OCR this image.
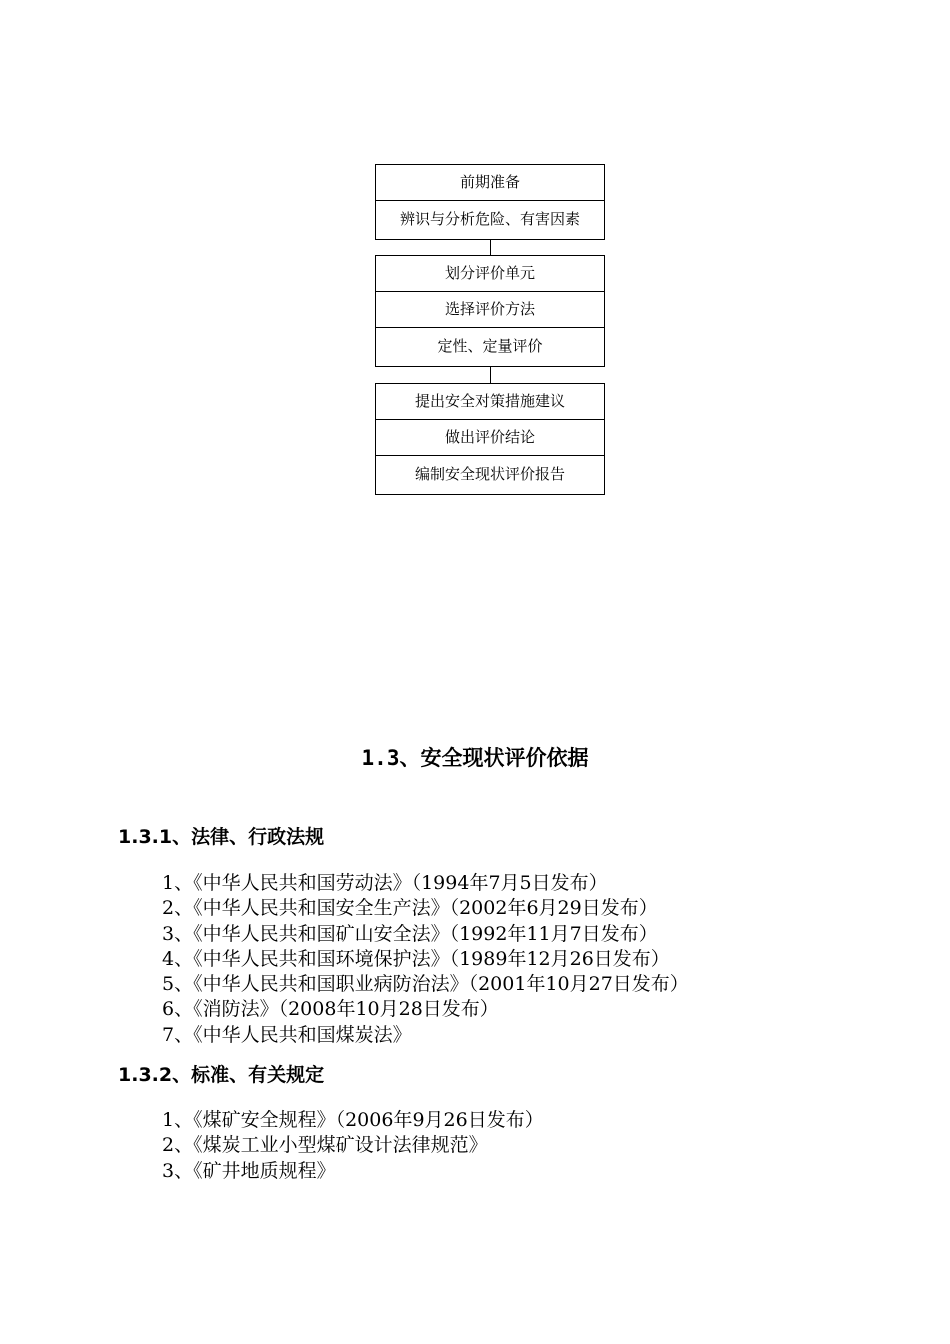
前期准备
辨识与分析危险、有害因素
划分评价单元
选择评价方法
定性、定量评价
提出安全对策措施建议
做出评价结论
编制安全现状评价报告
1.3、安全现状评价依据
1.3.1、法律、行政法规
1、《中华人民共和国劳动法》（1994年7月5日发布）
2、《中华人民共和国安全生产法》（2002年6月29日发布）
3、《中华人民共和国矿山安全法》（1992年11月7日发布）
4、《中华人民共和国环境保护法》（1989年12月26日发布）
5、《中华人民共和国职业病防治法》（2001年10月27日发布）
6、《消防法》（2008年10月28日发布）
7、《中华人民共和国煤炭法》
1.3.2、标准、有关规定
1、《煤矿安全规程》（2006年9月26日发布）
2、《煤炭工业小型煤矿设计法律规范》
3、《矿井地质规程》
